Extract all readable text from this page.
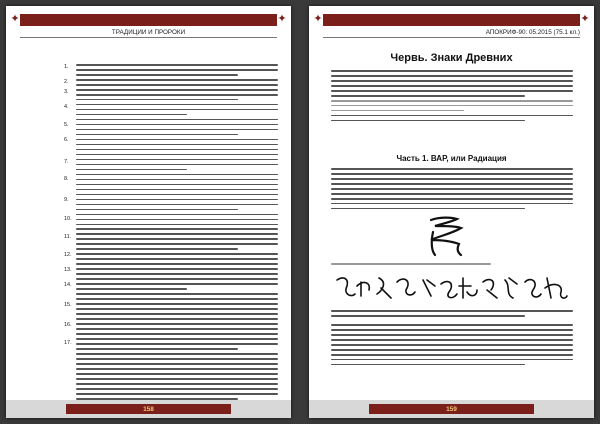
✦	✦
ТРАДИЦИИ И ПРОРОКИ
1.
2.
3.
4.
5.
6.
7.
8.
9.
10.
11.
12.
13.
14.
15.
16.
17.
158
✦	✦
АПОКРИФ-90: 05.2015 (75.1 кл.)
Червь. Знаки Древних
Часть 1. ВАР, или Радиация
159
